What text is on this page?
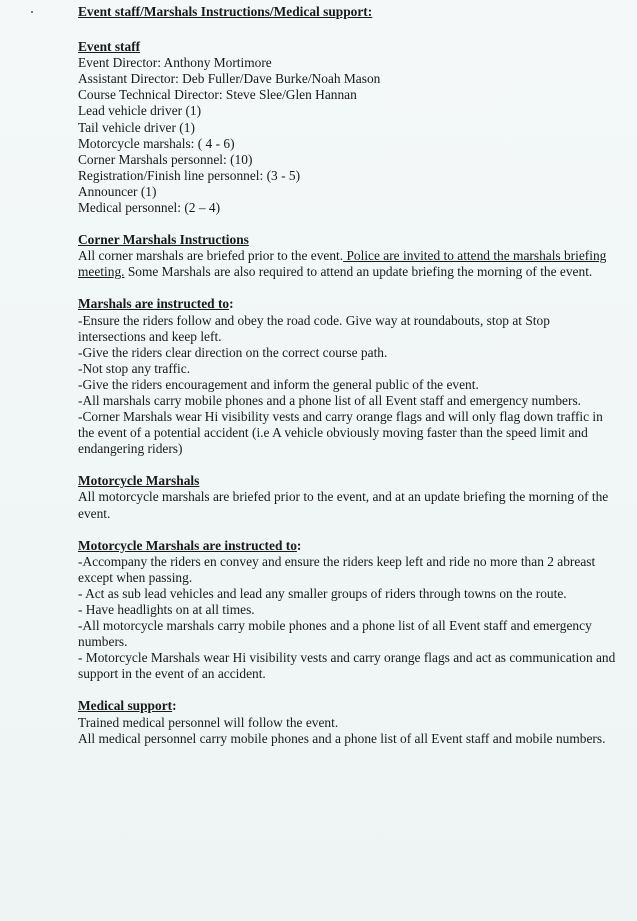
Event staff/Marshals Instructions/Medical support:
Event staff
Event Director: Anthony Mortimore
Assistant Director: Deb Fuller/Dave Burke/Noah Mason
Course Technical Director: Steve Slee/Glen Hannan
Lead vehicle driver (1)
Tail vehicle driver (1)
Motorcycle marshals: ( 4 - 6)
Corner Marshals personnel: (10)
Registration/Finish line personnel: (3 - 5)
Announcer (1)
Medical personnel: (2 – 4)
Corner Marshals Instructions
All corner marshals are briefed prior to the event. Police are invited to attend the marshals briefing meeting. Some Marshals are also required to attend an update briefing the morning of the event.
Marshals are instructed to:
-Ensure the riders follow and obey the road code. Give way at roundabouts, stop at Stop intersections and keep left.
-Give the riders clear direction on the correct course path.
-Not stop any traffic.
-Give the riders encouragement and inform the general public of the event.
-All marshals carry mobile phones and a phone list of all Event staff and emergency numbers.
-Corner Marshals wear Hi visibility vests and carry orange flags and will only flag down traffic in the event of a potential accident (i.e A vehicle obviously moving faster than the speed limit and endangering riders)
Motorcycle Marshals
All motorcycle marshals are briefed prior to the event, and at an update briefing the morning of the event.
Motorcycle Marshals are instructed to:
-Accompany the riders en convey and ensure the riders keep left and ride no more than 2 abreast except when passing.
- Act as sub lead vehicles and lead any smaller groups of riders through towns on the route.
- Have headlights on at all times.
-All motorcycle marshals carry mobile phones and a phone list of all Event staff and emergency numbers.
- Motorcycle Marshals wear Hi visibility vests and carry orange flags and act as communication and support in the event of an accident.
Medical support:
Trained medical personnel will follow the event.
All medical personnel carry mobile phones and a phone list of all Event staff and mobile numbers.
